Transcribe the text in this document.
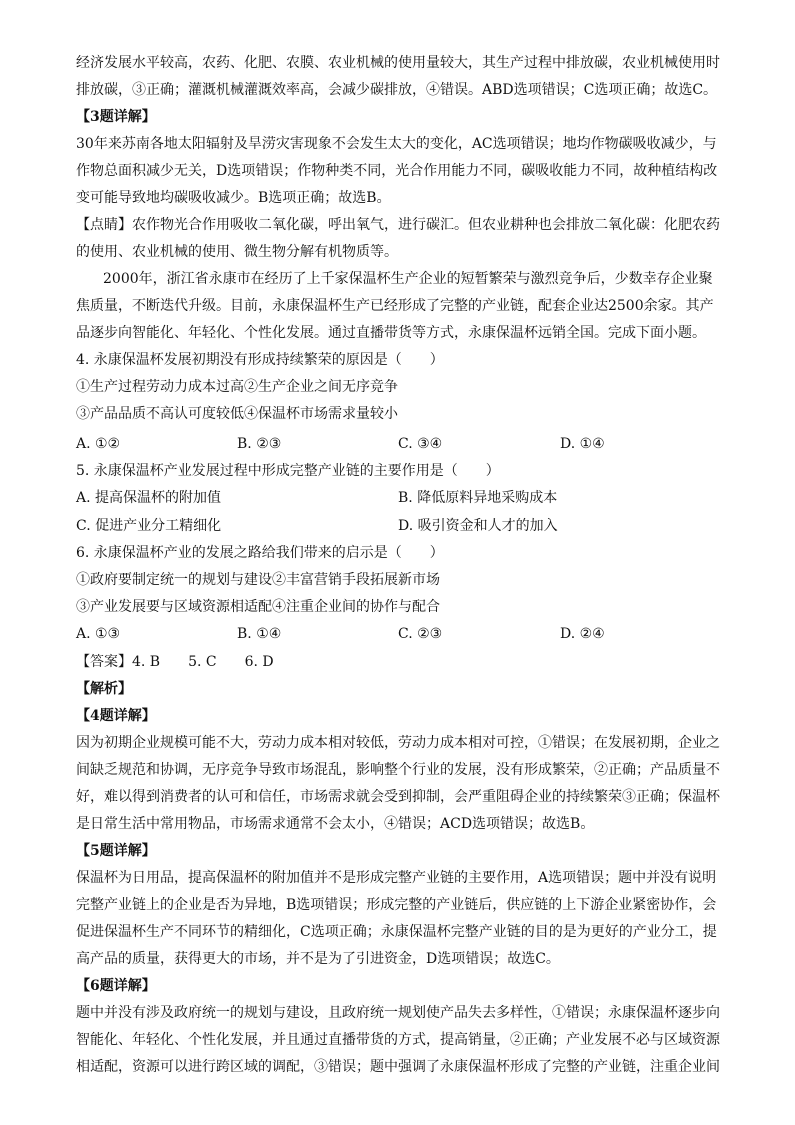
经济发展水平较高，农药、化肥、农膜、农业机械的使用量较大，其生产过程中排放碳，农业机械使用时
排放碳，③正确；灌溉机械灌溉效率高，会减少碳排放，④错误。ABD选项错误；C选项正确；故选C。
【3题详解】
30年来苏南各地太阳辐射及旱涝灾害现象不会发生太大的变化，AC选项错误；地均作物碳吸收减少，与
作物总面积减少无关，D选项错误；作物种类不同，光合作用能力不同，碳吸收能力不同，故种植结构改
变可能导致地均碳吸收减少。B选项正确；故选B。
【点睛】农作物光合作用吸收二氧化碳，呼出氧气，进行碳汇。但农业耕种也会排放二氧化碳：化肥农药
的使用、农业机械的使用、微生物分解有机物质等。
2000年，浙江省永康市在经历了上千家保温杯生产企业的短暂繁荣与激烈竞争后，少数幸存企业聚
焦质量，不断迭代升级。目前，永康保温杯生产已经形成了完整的产业链，配套企业达2500余家。其产
品逐步向智能化、年轻化、个性化发展。通过直播带货等方式，永康保温杯远销全国。完成下面小题。
4. 永康保温杯发展初期没有形成持续繁荣的原因是（　　）
①生产过程劳动力成本过高②生产企业之间无序竞争
③产品品质不高认可度较低④保温杯市场需求量较小
A. ①②	B. ②③	C. ③④	D. ①④
5. 永康保温杯产业发展过程中形成完整产业链的主要作用是（　　）
A. 提高保温杯的附加值	B. 降低原料异地采购成本
C. 促进产业分工精细化	D. 吸引资金和人才的加入
6. 永康保温杯产业的发展之路给我们带来的启示是（　　）
①政府要制定统一的规划与建设②丰富营销手段拓展新市场
③产业发展要与区域资源相适配④注重企业间的协作与配合
A. ①③	B. ①④	C. ②③	D. ②④
【答案】4. B　　5. C　　6. D
【解析】
【4题详解】
因为初期企业规模可能不大，劳动力成本相对较低，劳动力成本相对可控，①错误；在发展初期，企业之
间缺乏规范和协调，无序竞争导致市场混乱，影响整个行业的发展，没有形成繁荣，②正确；产品质量不
好，难以得到消费者的认可和信任，市场需求就会受到抑制，会严重阻碍企业的持续繁荣③正确；保温杯
是日常生活中常用物品，市场需求通常不会太小，④错误；ACD选项错误；故选B。
【5题详解】
保温杯为日用品，提高保温杯的附加值并不是形成完整产业链的主要作用，A选项错误；题中并没有说明
完整产业链上的企业是否为异地，B选项错误；形成完整的产业链后，供应链的上下游企业紧密协作，会
促进保温杯生产不同环节的精细化，C选项正确；永康保温杯完整产业链的目的是为更好的产业分工，提
高产品的质量，获得更大的市场，并不是为了引进资金，D选项错误；故选C。
【6题详解】
题中并没有涉及政府统一的规划与建设，且政府统一规划使产品失去多样性，①错误；永康保温杯逐步向
智能化、年轻化、个性化发展，并且通过直播带货的方式，提高销量，②正确；产业发展不必与区域资源
相适配，资源可以进行跨区域的调配，③错误；题中强调了永康保温杯形成了完整的产业链，注重企业间
